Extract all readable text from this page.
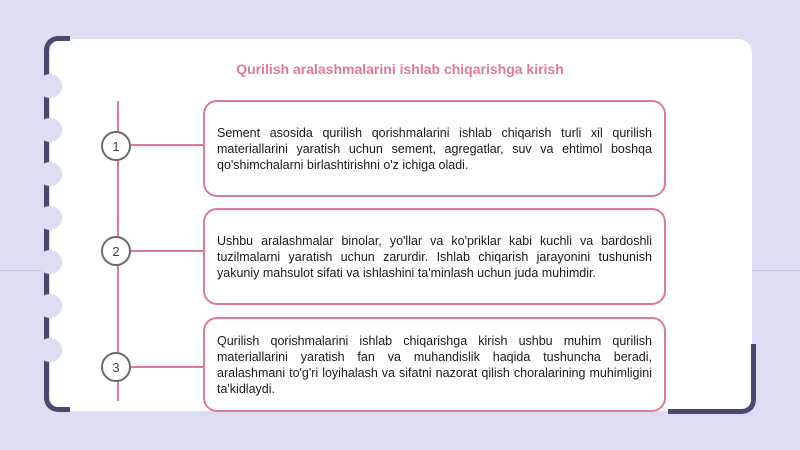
Qurilish aralashmalarini ishlab chiqarishga kirish
1

Sement asosida qurilish qorishmalarini ishlab chiqarish turli xil qurilish materiallarini yaratish uchun sement, agregatlar, suv va ehtimol boshqa qo'shimchalarni birlashtirishni o'z ichiga oladi.

2

Ushbu aralashmalar binolar, yo'llar va ko'priklar kabi kuchli va bardoshli tuzilmalarni yaratish uchun zarurdir. Ishlab chiqarish jarayonini tushunish yakuniy mahsulot sifati va ishlashini ta'minlash uchun juda muhimdir.

3

Qurilish qorishmalarini ishlab chiqarishga kirish ushbu muhim qurilish materiallarini yaratish fan va muhandislik haqida tushuncha beradi, aralashmani to'g'ri loyihalash va sifatni nazorat qilish choralarining muhimligini ta'kidlaydi.
